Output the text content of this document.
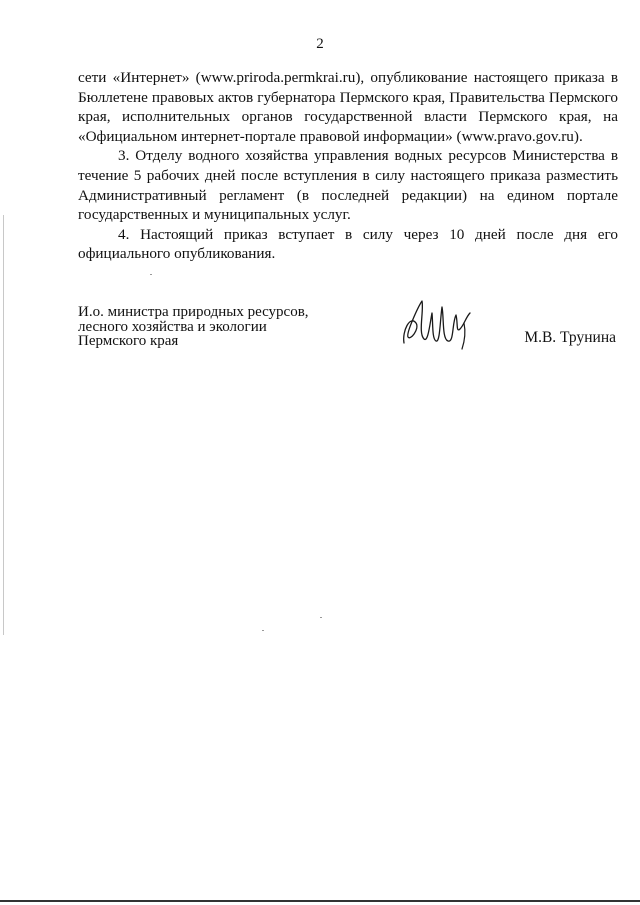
2

сети «Интернет» (www.priroda.permkrai.ru), опубликование настоящего приказа в Бюллетене правовых актов губернатора Пермского края, Правительства Пермского края, исполнительных органов государственной власти Пермского края, на «Официальном интернет-портале правовой информации» (www.pravo.gov.ru).

3. Отделу водного хозяйства управления водных ресурсов Министерства в течение 5 рабочих дней после вступления в силу настоящего приказа разместить Административный регламент (в последней редакции) на едином портале государственных и муниципальных услуг.

4. Настоящий приказ вступает в силу через 10 дней после дня его официального опубликования.

И.о. министра природных ресурсов,
лесного хозяйства и экологии
Пермского края	М.В. Трунина
